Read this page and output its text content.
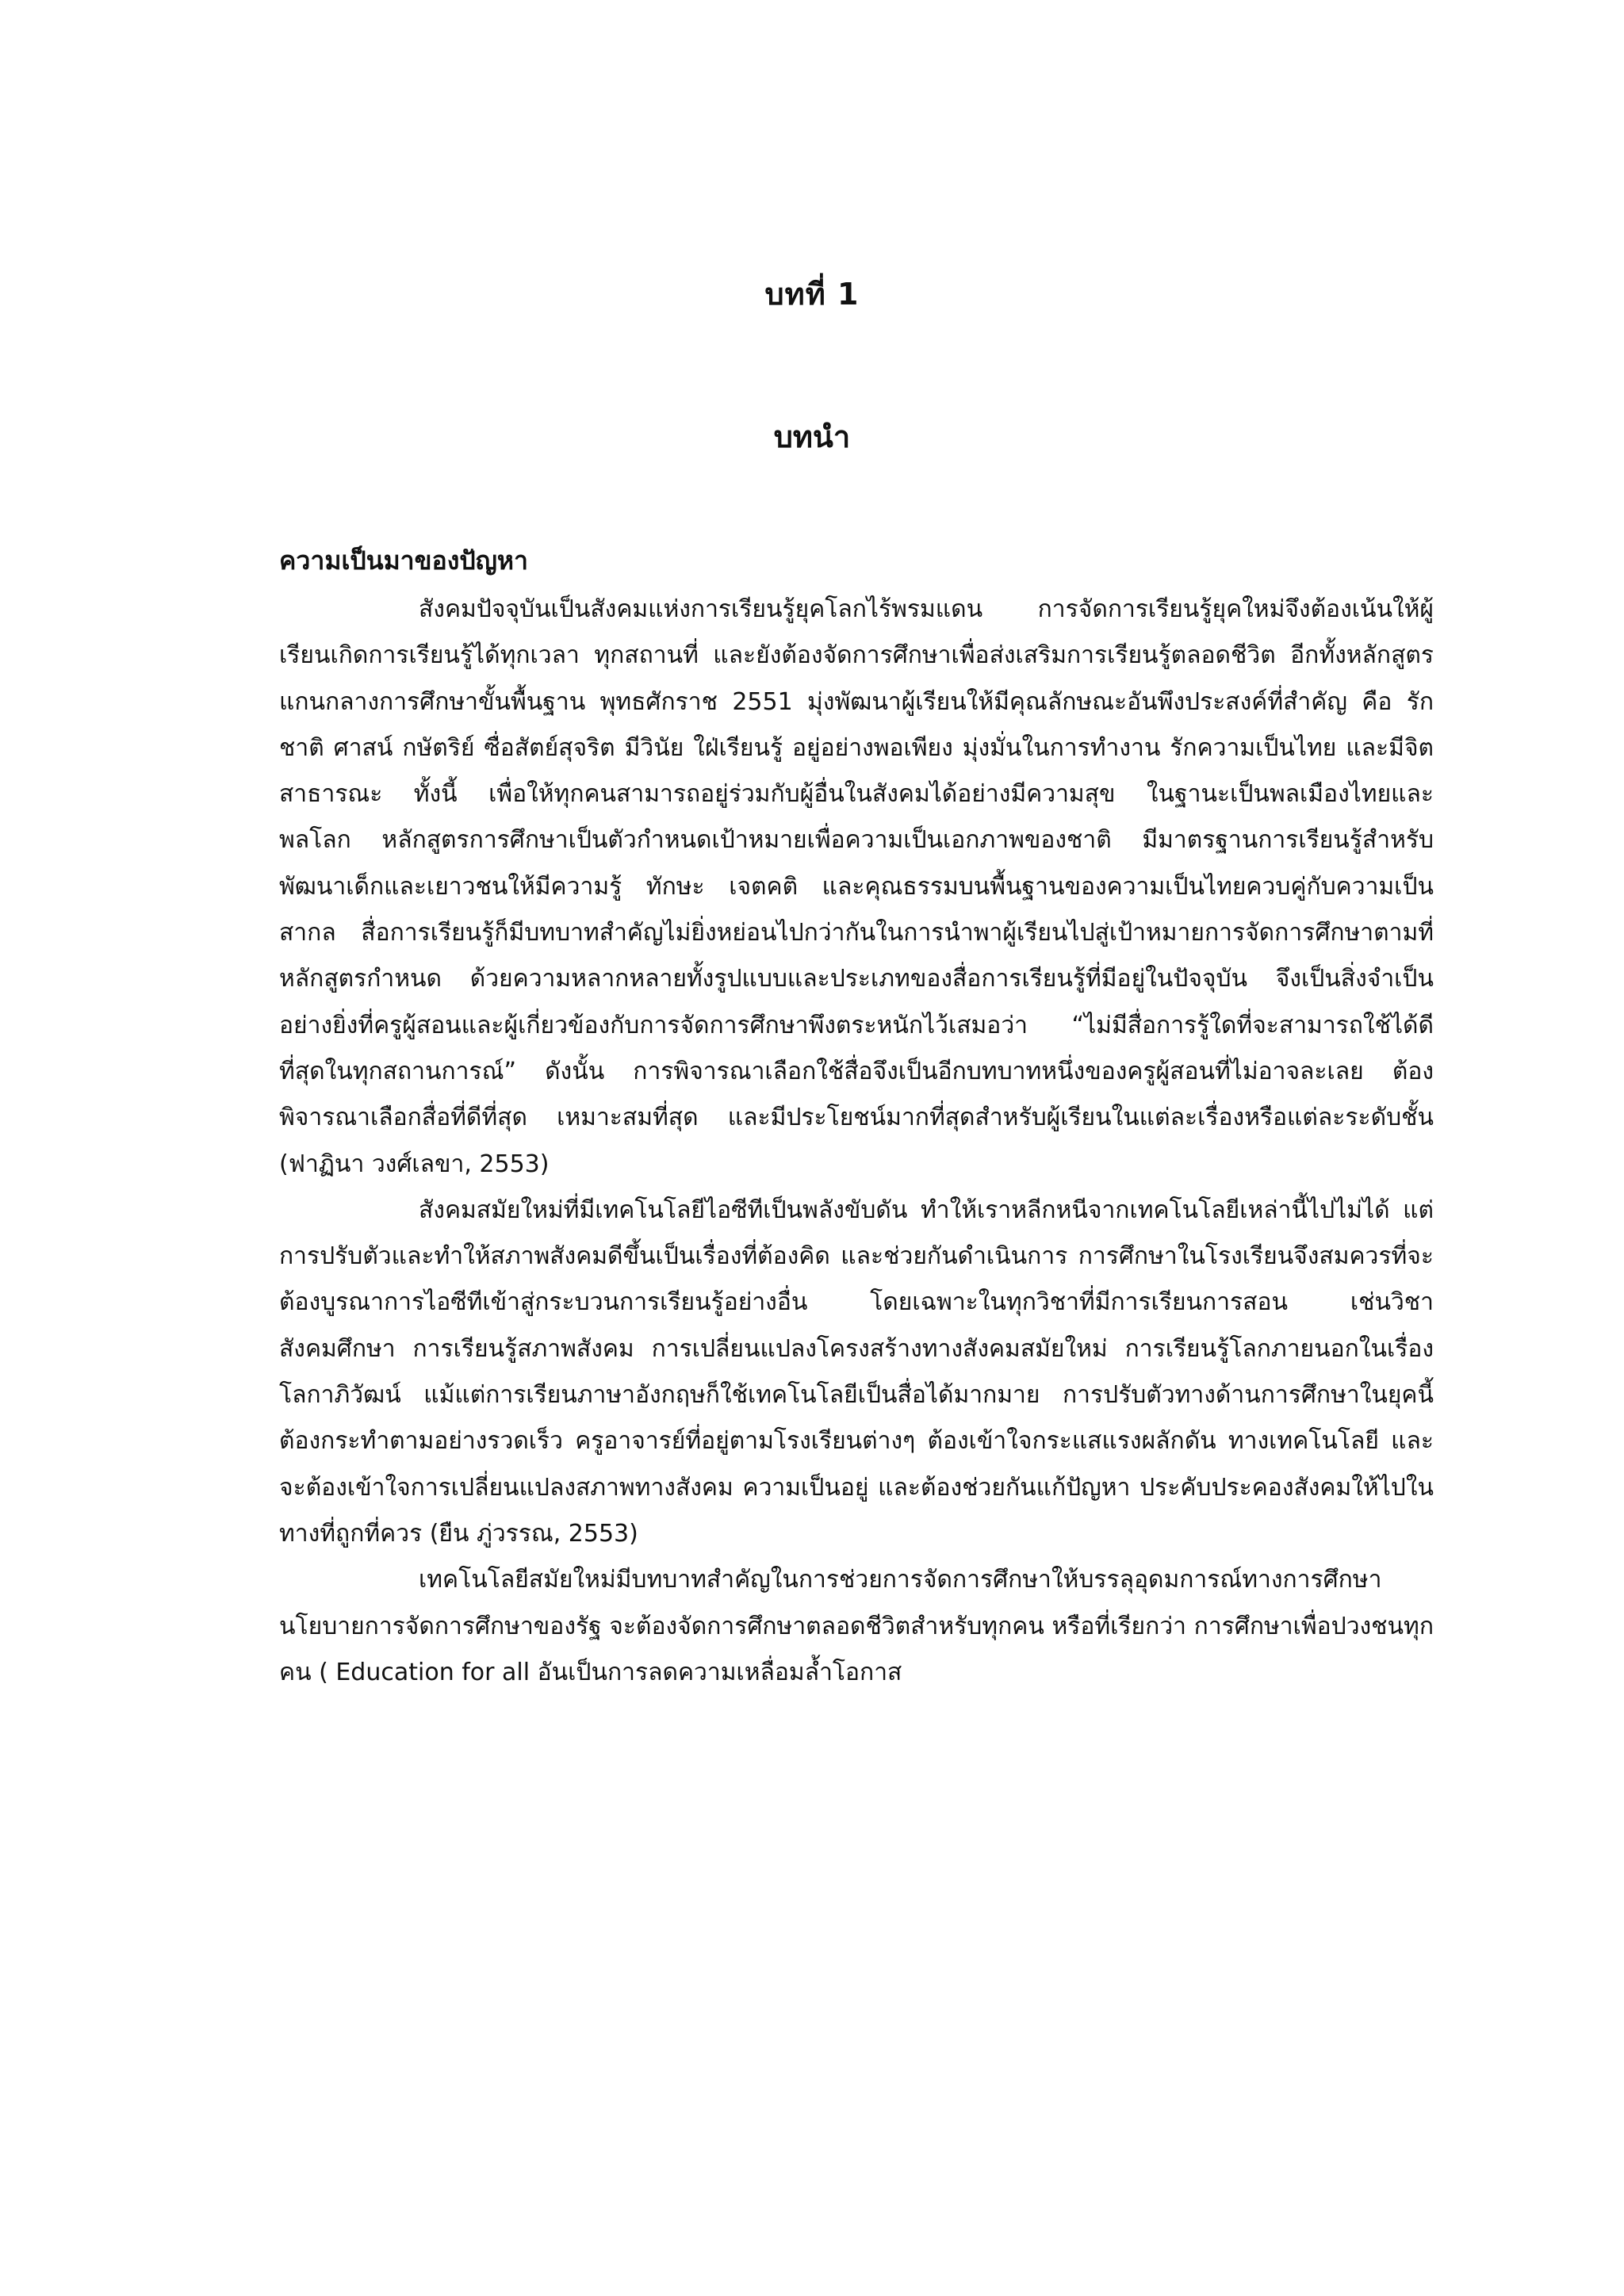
บทที่ 1
บทนำ
ความเป็นมาของปัญหา

สังคมปัจจุบันเป็นสังคมแห่งการเรียนรู้ยุคโลกไร้พรมแดน การจัดการเรียนรู้ยุคใหม่จึงต้องเน้นให้ผู้เรียนเกิดการเรียนรู้ได้ทุกเวลา ทุกสถานที่ และยังต้องจัดการศึกษาเพื่อส่งเสริมการเรียนรู้ตลอดชีวิต อีกทั้งหลักสูตรแกนกลางการศึกษาขั้นพื้นฐาน พุทธศักราช 2551 มุ่งพัฒนาผู้เรียนให้มีคุณลักษณะอันพึงประสงค์ที่สำคัญ คือ รักชาติ ศาสน์ กษัตริย์ ซื่อสัตย์สุจริต มีวินัย ใฝ่เรียนรู้ อยู่อย่างพอเพียง มุ่งมั่นในการทำงาน รักความเป็นไทย และมีจิตสาธารณะ ทั้งนี้ เพื่อให้ทุกคนสามารถอยู่ร่วมกับผู้อื่นในสังคมได้อย่างมีความสุข ในฐานะเป็นพลเมืองไทยและพลโลก หลักสูตรการศึกษาเป็นตัวกำหนดเป้าหมายเพื่อความเป็นเอกภาพของชาติ มีมาตรฐานการเรียนรู้สำหรับพัฒนาเด็กและเยาวชนให้มีความรู้ ทักษะ เจตคติ และคุณธรรมบนพื้นฐานของความเป็นไทยควบคู่กับความเป็นสากล สื่อการเรียนรู้ก็มีบทบาทสำคัญไม่ยิ่งหย่อนไปกว่ากันในการนำพาผู้เรียนไปสู่เป้าหมายการจัดการศึกษาตามที่หลักสูตรกำหนด ด้วยความหลากหลายทั้งรูปแบบและประเภทของสื่อการเรียนรู้ที่มีอยู่ในปัจจุบัน จึงเป็นสิ่งจำเป็นอย่างยิ่งที่ครูผู้สอนและผู้เกี่ยวข้องกับการจัดการศึกษาพึงตระหนักไว้เสมอว่า “ไม่มีสื่อการรู้ใดที่จะสามารถใช้ได้ดีที่สุดในทุกสถานการณ์” ดังนั้น การพิจารณาเลือกใช้สื่อจึงเป็นอีกบทบาทหนึ่งของครูผู้สอนที่ไม่อาจละเลย ต้องพิจารณาเลือกสื่อที่ดีที่สุด เหมาะสมที่สุด และมีประโยชน์มากที่สุดสำหรับผู้เรียนในแต่ละเรื่องหรือแต่ละระดับชั้น (ฟาฏินา วงศ์เลขา, 2553)

สังคมสมัยใหม่ที่มีเทคโนโลยีไอซีทีเป็นพลังขับดัน ทำให้เราหลีกหนีจากเทคโนโลยีเหล่านี้ไปไม่ได้ แต่การปรับตัวและทำให้สภาพสังคมดีขึ้นเป็นเรื่องที่ต้องคิด และช่วยกันดำเนินการ การศึกษาในโรงเรียนจึงสมควรที่จะต้องบูรณาการไอซีทีเข้าสู่กระบวนการเรียนรู้อย่างอื่น โดยเฉพาะในทุกวิชาที่มีการเรียนการสอน เช่นวิชาสังคมศึกษา การเรียนรู้สภาพสังคม การเปลี่ยนแปลงโครงสร้างทางสังคมสมัยใหม่ การเรียนรู้โลกภายนอกในเรื่องโลกาภิวัฒน์ แม้แต่การเรียนภาษาอังกฤษก็ใช้เทคโนโลยีเป็นสื่อได้มากมาย การปรับตัวทางด้านการศึกษาในยุคนี้ต้องกระทำตามอย่างรวดเร็ว ครูอาจารย์ที่อยู่ตามโรงเรียนต่างๆ ต้องเข้าใจกระแสแรงผลักดัน ทางเทคโนโลยี และจะต้องเข้าใจการเปลี่ยนแปลงสภาพทางสังคม ความเป็นอยู่ และต้องช่วยกันแก้ปัญหา ประคับประคองสังคมให้ไปในทางที่ถูกที่ควร (ยืน ภู่วรรณ, 2553)

เทคโนโลยีสมัยใหม่มีบทบาทสำคัญในการช่วยการจัดการศึกษาให้บรรลุอุดมการณ์ทางการศึกษา นโยบายการจัดการศึกษาของรัฐ จะต้องจัดการศึกษาตลอดชีวิตสำหรับทุกคน หรือที่เรียกว่า การศึกษาเพื่อปวงชนทุกคน ( Education for all อันเป็นการลดความเหลื่อมล้ำโอกาส
